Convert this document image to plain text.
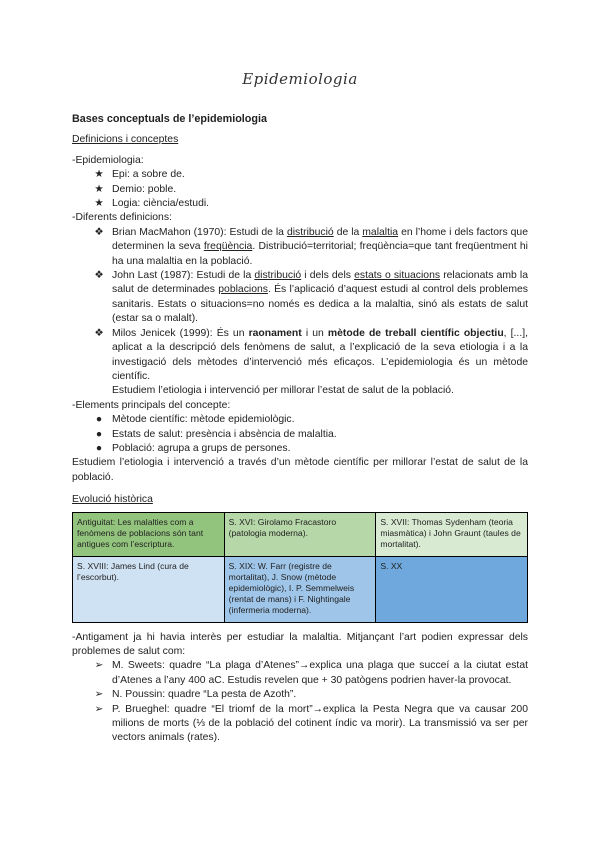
Epidemiologia

Bases conceptuals de l’epidemiologia

Definicions i conceptes

-Epidemiologia:

★ Epi: a sobre de.
★ Demio: poble.
★ Logia: ciència/estudi.

-Diferents definicions:

❖ Brian MacMahon (1970): Estudi de la distribució de la malaltia en l’home i dels factors que determinen la seva freqüència. Distribució=territorial; freqüència=que tant freqüentment hi ha una malaltia en la població.
❖ John Last (1987): Estudi de la distribució i dels dels estats o situacions relacionats amb la salut de determinades poblacions. És l’aplicació d’aquest estudi al control dels problemes sanitaris. Estats o situacions=no només es dedica a la malaltia, sinó als estats de salut (estar sa o malalt).
❖ Milos Jenicek (1999): És un raonament i un mètode de treball científic objectiu, [...], aplicat a la descripció dels fenòmens de salut, a l’explicació de la seva etiologia i a la investigació dels mètodes d’intervenció més eficaços. L’epidemiologia és un mètode científic.

Estudiem l’etiologia i intervenció per millorar l’estat de salut de la població.

-Elements principals del concepte:

● Mètode científic: mètode epidemiològic.
● Estats de salut: presència i absència de malaltia.
● Població: agrupa a grups de persones.

Estudiem l’etiologia i intervenció a través d’un mètode científic per millorar l’estat de salut de la població.

Evolució històrica

Antiguitat: Les malalties com a fenòmens de poblacions són tant antigues com l’escriptura.	S. XVI: Girolamo Fracastoro (patologia moderna).	S. XVII: Thomas Sydenham (teoria miasmàtica) i John Graunt (taules de mortalitat).
S. XVIII: James Lind (cura de l’escorbut).	S. XIX: W. Farr (registre de mortalitat), J. Snow (mètode epidemiològic), I. P. Semmelweis (rentat de mans) i F. Nightingale (infermeria moderna).	S. XX

-Antigament ja hi havia interès per estudiar la malaltia. Mitjançant l’art podien expressar dels problemes de salut com:

➢ M. Sweets: quadre “La plaga d’Atenes”→explica una plaga que succeí a la ciutat estat d’Atenes a l’any 400 aC. Estudis revelen que + 30 patògens podrien haver-la provocat.
➢ N. Poussin: quadre “La pesta de Azoth”.
➢ P. Brueghel: quadre “El triomf de la mort”→explica la Pesta Negra que va causar 200 milions de morts (⅓ de la població del cotinent índic va morir). La transmissió va ser per vectors animals (rates).
